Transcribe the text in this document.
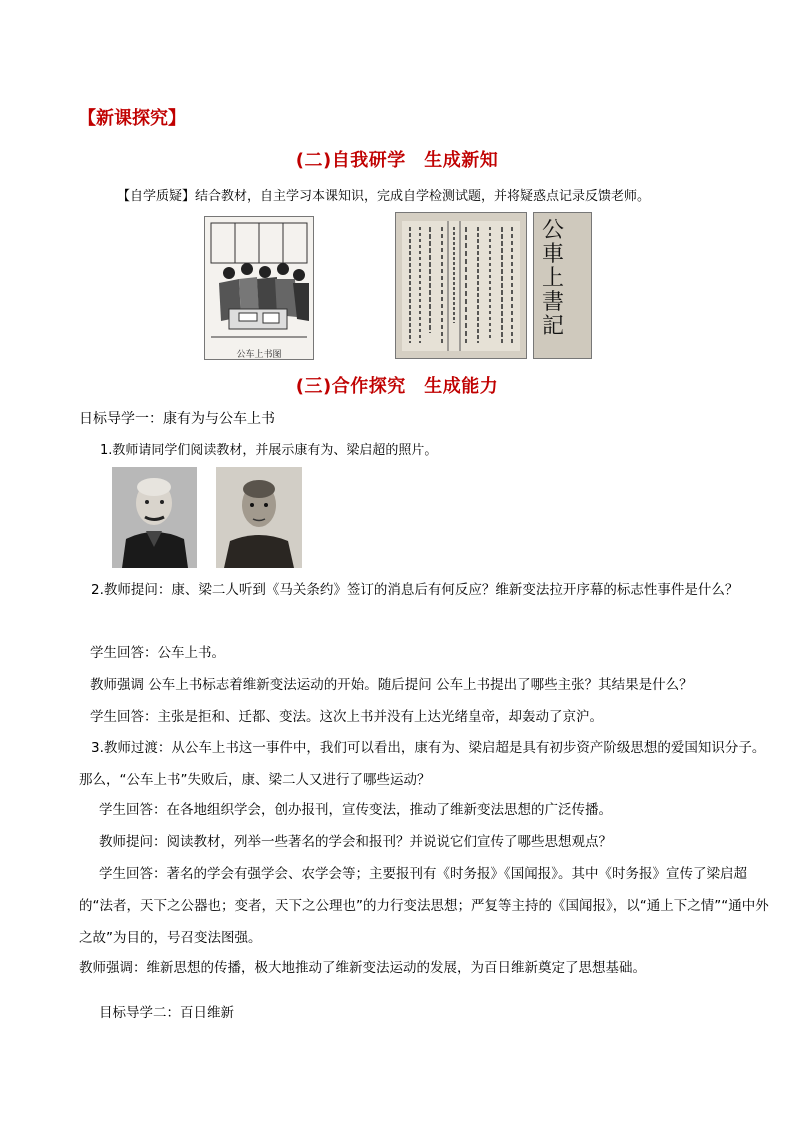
【新课探究】
(二)自我研学　生成新知
【自学质疑】结合教材，自主学习本课知识，完成自学检测试题，并将疑惑点记录反馈老师。
公车上书图
公車上書記
(三)合作探究　生成能力
日标导学一：康有为与公车上书
1.教师请同学们阅读教材，并展示康有为、梁启超的照片。
2.教师提问：康、梁二人听到《马关条约》签订的消息后有何反应？维新变法拉开序幕的标志性事件是什么？
学生回答：公车上书。
教师强调 公车上书标志着维新变法运动的开始。随后提问 公车上书提出了哪些主张？其结果是什么？
学生回答：主张是拒和、迁都、变法。这次上书并没有上达光绪皇帝，却轰动了京沪。
3.教师过渡：从公车上书这一事件中，我们可以看出，康有为、梁启超是具有初步资产阶级思想的爱国知识分子。那么，“公车上书”失败后，康、梁二人又进行了哪些运动？
学生回答：在各地组织学会，创办报刊，宣传变法，推动了维新变法思想的广泛传播。
教师提问：阅读教材，列举一些著名的学会和报刊？并说说它们宣传了哪些思想观点？
学生回答：著名的学会有强学会、农学会等；主要报刊有《时务报》《国闻报》。其中《时务报》宣传了梁启超的“法者，天下之公器也；变者，天下之公理也”的力行变法思想；严复等主持的《国闻报》，以“通上下之情”“通中外之故”为目的，号召变法图强。
教师强调：维新思想的传播，极大地推动了维新变法运动的发展，为百日维新奠定了思想基础。
目标导学二：百日维新
